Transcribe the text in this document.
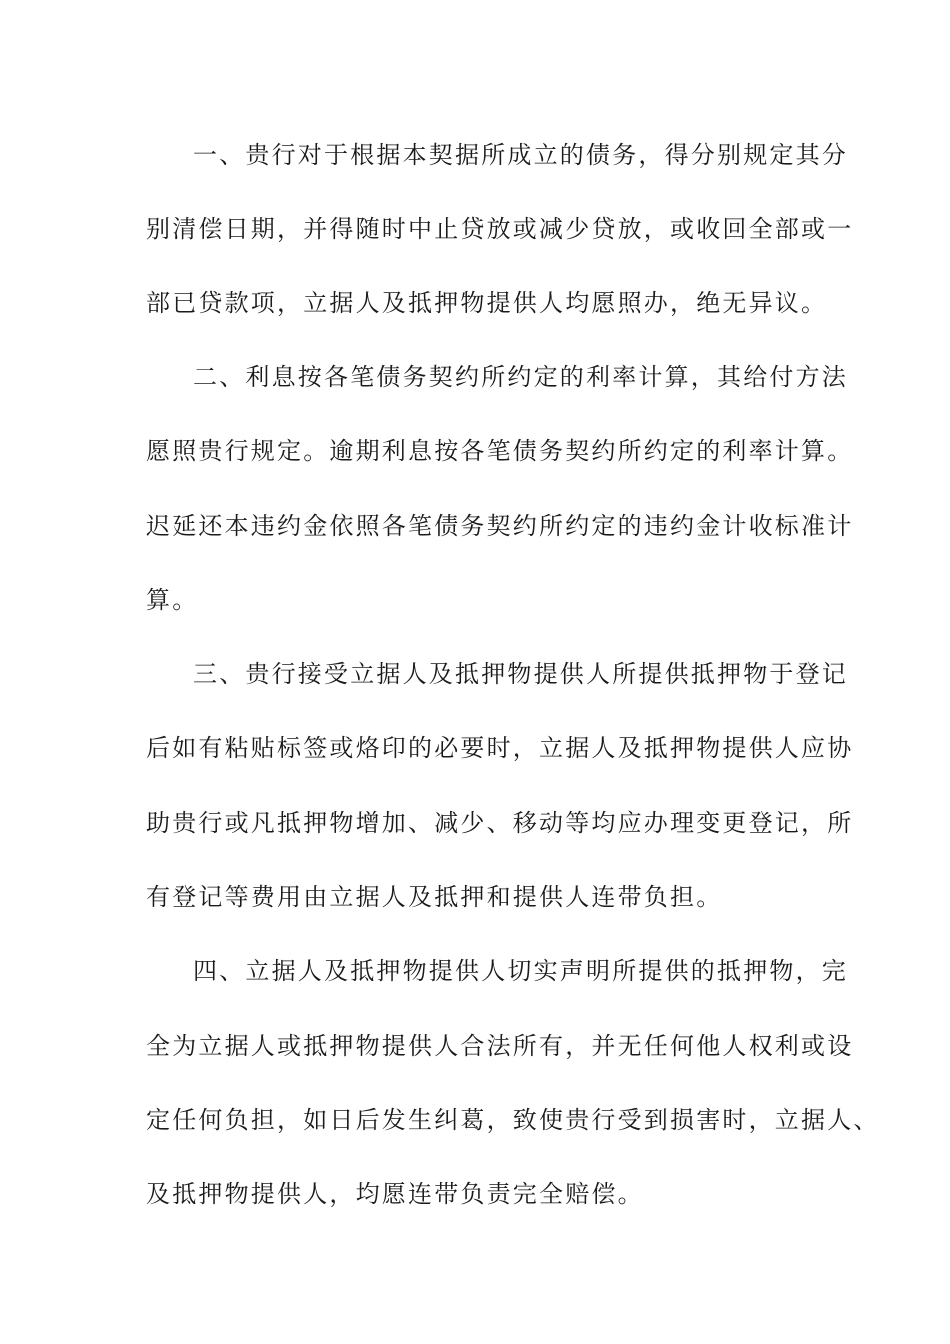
一、贵行对于根据本契据所成立的债务，得分别规定其分
别清偿日期，并得随时中止贷放或减少贷放，或收回全部或一
部已贷款项，立据人及抵押物提供人均愿照办，绝无异议。
二、利息按各笔债务契约所约定的利率计算，其给付方法
愿照贵行规定。逾期利息按各笔债务契约所约定的利率计算。
迟延还本违约金依照各笔债务契约所约定的违约金计收标准计
算。
三、贵行接受立据人及抵押物提供人所提供抵押物于登记
后如有粘贴标签或烙印的必要时，立据人及抵押物提供人应协
助贵行或凡抵押物增加、减少、移动等均应办理变更登记，所
有登记等费用由立据人及抵押和提供人连带负担。
四、立据人及抵押物提供人切实声明所提供的抵押物，完
全为立据人或抵押物提供人合法所有，并无任何他人权利或设
定任何负担，如日后发生纠葛，致使贵行受到损害时，立据人、
及抵押物提供人，均愿连带负责完全赔偿。
